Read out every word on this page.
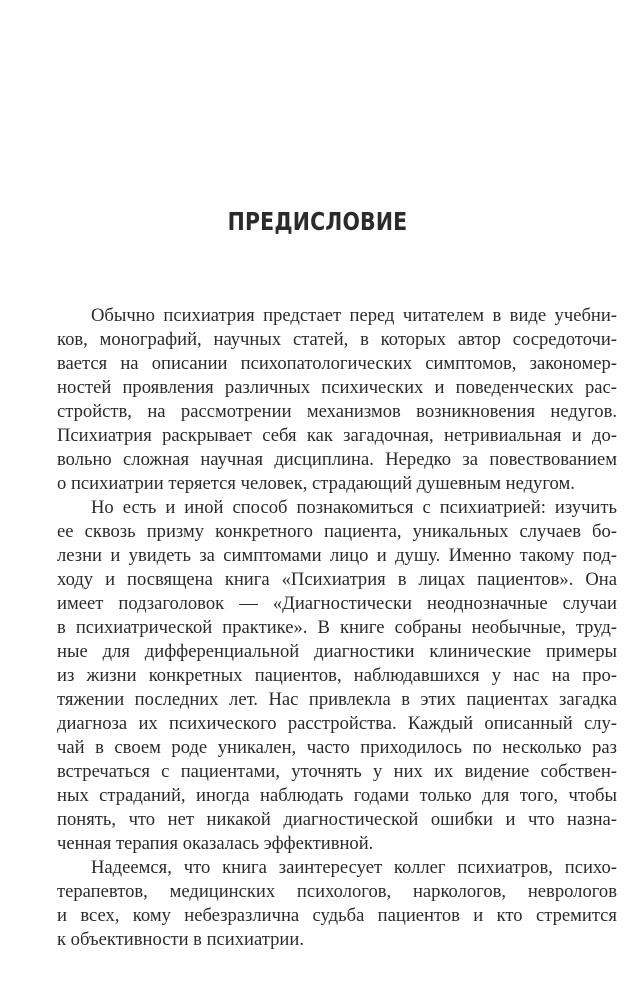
ПРЕДИСЛОВИЕ
Обычно психиатрия предстает перед читателем в виде учебни-
ков, монографий, научных статей, в которых автор сосредоточи-
вается на описании психопатологических симптомов, закономер-
ностей проявления различных психических и поведенческих рас-
стройств, на рассмотрении механизмов возникновения недугов.
Психиатрия раскрывает себя как загадочная, нетривиальная и до-
вольно сложная научная дисциплина. Нередко за повествованием
о психиатрии теряется человек, страдающий душевным недугом.
Но есть и иной способ познакомиться с психиатрией: изучить
ее сквозь призму конкретного пациента, уникальных случаев бо-
лезни и увидеть за симптомами лицо и душу. Именно такому под-
ходу и посвящена книга «Психиатрия в лицах пациентов». Она
имеет подзаголовок — «Диагностически неоднозначные случаи
в психиатрической практике». В книге собраны необычные, труд-
ные для дифференциальной диагностики клинические примеры
из жизни конкретных пациентов, наблюдавшихся у нас на про-
тяжении последних лет. Нас привлекла в этих пациентах загадка
диагноза их психического расстройства. Каждый описанный слу-
чай в своем роде уникален, часто приходилось по несколько раз
встречаться с пациентами, уточнять у них их видение собствен-
ных страданий, иногда наблюдать годами только для того, чтобы
понять, что нет никакой диагностической ошибки и что назна-
ченная терапия оказалась эффективной.
Надеемся, что книга заинтересует коллег психиатров, психо-
терапевтов, медицинских психологов, наркологов, неврологов
и всех, кому небезразлична судьба пациентов и кто стремится
к объективности в психиатрии.
